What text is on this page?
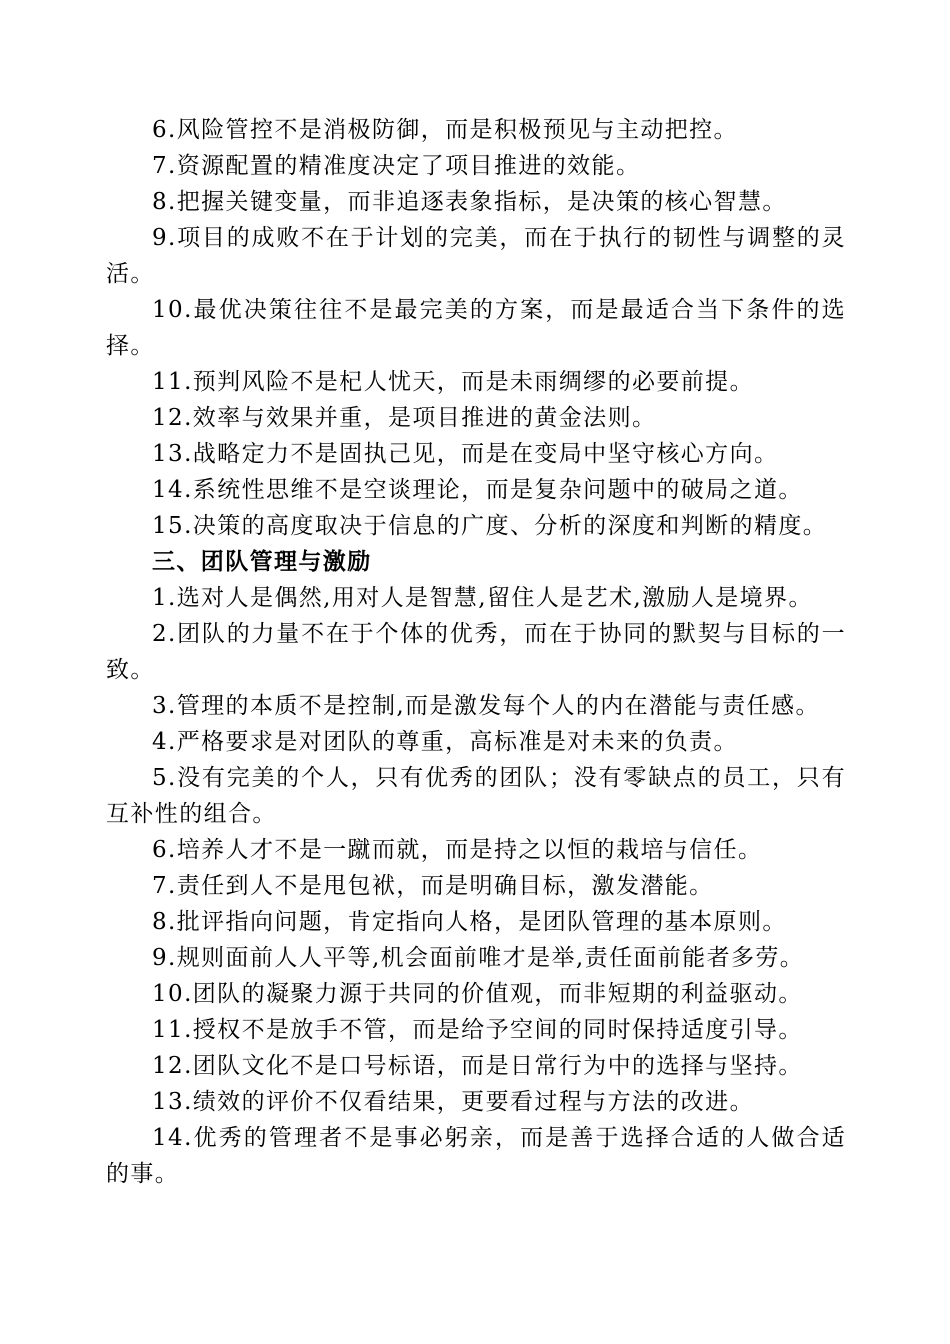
6.风险管控不是消极防御，而是积极预见与主动把控。

7.资源配置的精准度决定了项目推进的效能。

8.把握关键变量，而非追逐表象指标，是决策的核心智慧。

9.项目的成败不在于计划的完美，而在于执行的韧性与调整的灵活。

10.最优决策往往不是最完美的方案，而是最适合当下条件的选择。

11.预判风险不是杞人忧天，而是未雨绸缪的必要前提。

12.效率与效果并重，是项目推进的黄金法则。

13.战略定力不是固执己见，而是在变局中坚守核心方向。

14.系统性思维不是空谈理论，而是复杂问题中的破局之道。

15.决策的高度取决于信息的广度、分析的深度和判断的精度。

三、团队管理与激励

1.选对人是偶然,用对人是智慧,留住人是艺术,激励人是境界。

2.团队的力量不在于个体的优秀，而在于协同的默契与目标的一致。

3.管理的本质不是控制,而是激发每个人的内在潜能与责任感。

4.严格要求是对团队的尊重，高标准是对未来的负责。

5.没有完美的个人，只有优秀的团队；没有零缺点的员工，只有互补性的组合。

6.培养人才不是一蹴而就，而是持之以恒的栽培与信任。

7.责任到人不是甩包袱，而是明确目标，激发潜能。

8.批评指向问题，肯定指向人格，是团队管理的基本原则。

9.规则面前人人平等,机会面前唯才是举,责任面前能者多劳。

10.团队的凝聚力源于共同的价值观，而非短期的利益驱动。

11.授权不是放手不管，而是给予空间的同时保持适度引导。

12.团队文化不是口号标语，而是日常行为中的选择与坚持。

13.绩效的评价不仅看结果，更要看过程与方法的改进。

14.优秀的管理者不是事必躬亲，而是善于选择合适的人做合适的事。
